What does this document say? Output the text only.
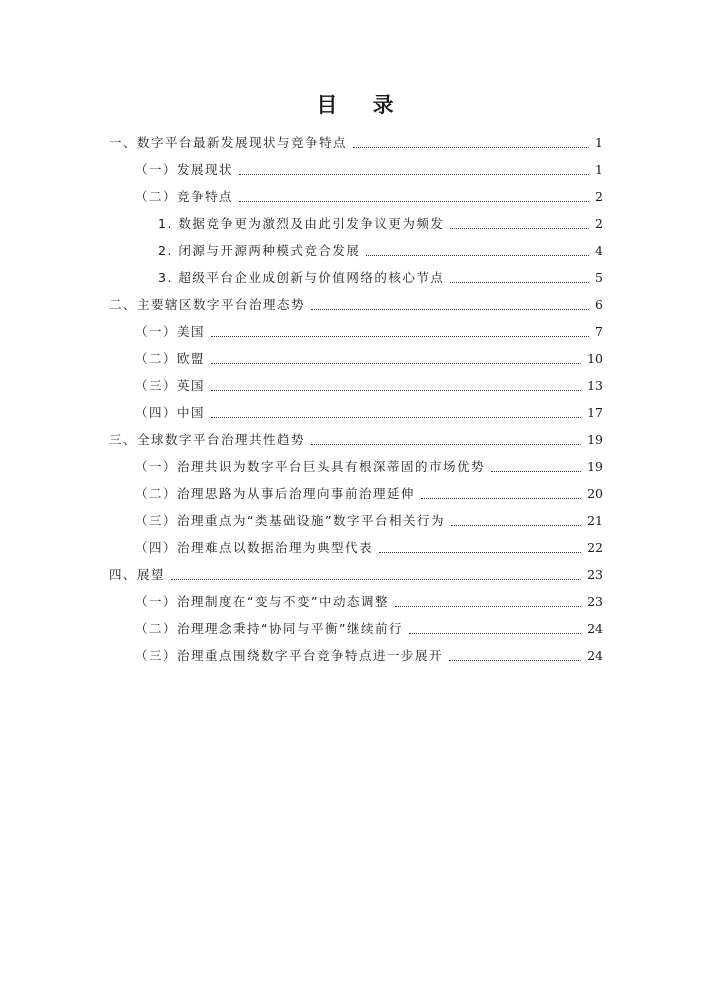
目 录
一、数字平台最新发展现状与竞争特点	1
（一）发展现状	1
（二）竞争特点	2
1. 数据竞争更为激烈及由此引发争议更为频发	2
2. 闭源与开源两种模式竞合发展	4
3. 超级平台企业成创新与价值网络的核心节点	5
二、主要辖区数字平台治理态势	6
（一）美国	7
（二）欧盟	10
（三）英国	13
（四）中国	17
三、全球数字平台治理共性趋势	19
（一）治理共识为数字平台巨头具有根深蒂固的市场优势	19
（二）治理思路为从事后治理向事前治理延伸	20
（三）治理重点为“类基础设施”数字平台相关行为	21
（四）治理难点以数据治理为典型代表	22
四、展望	23
（一）治理制度在“变与不变”中动态调整	23
（二）治理理念秉持“协同与平衡”继续前行	24
（三）治理重点围绕数字平台竞争特点进一步展开	24
